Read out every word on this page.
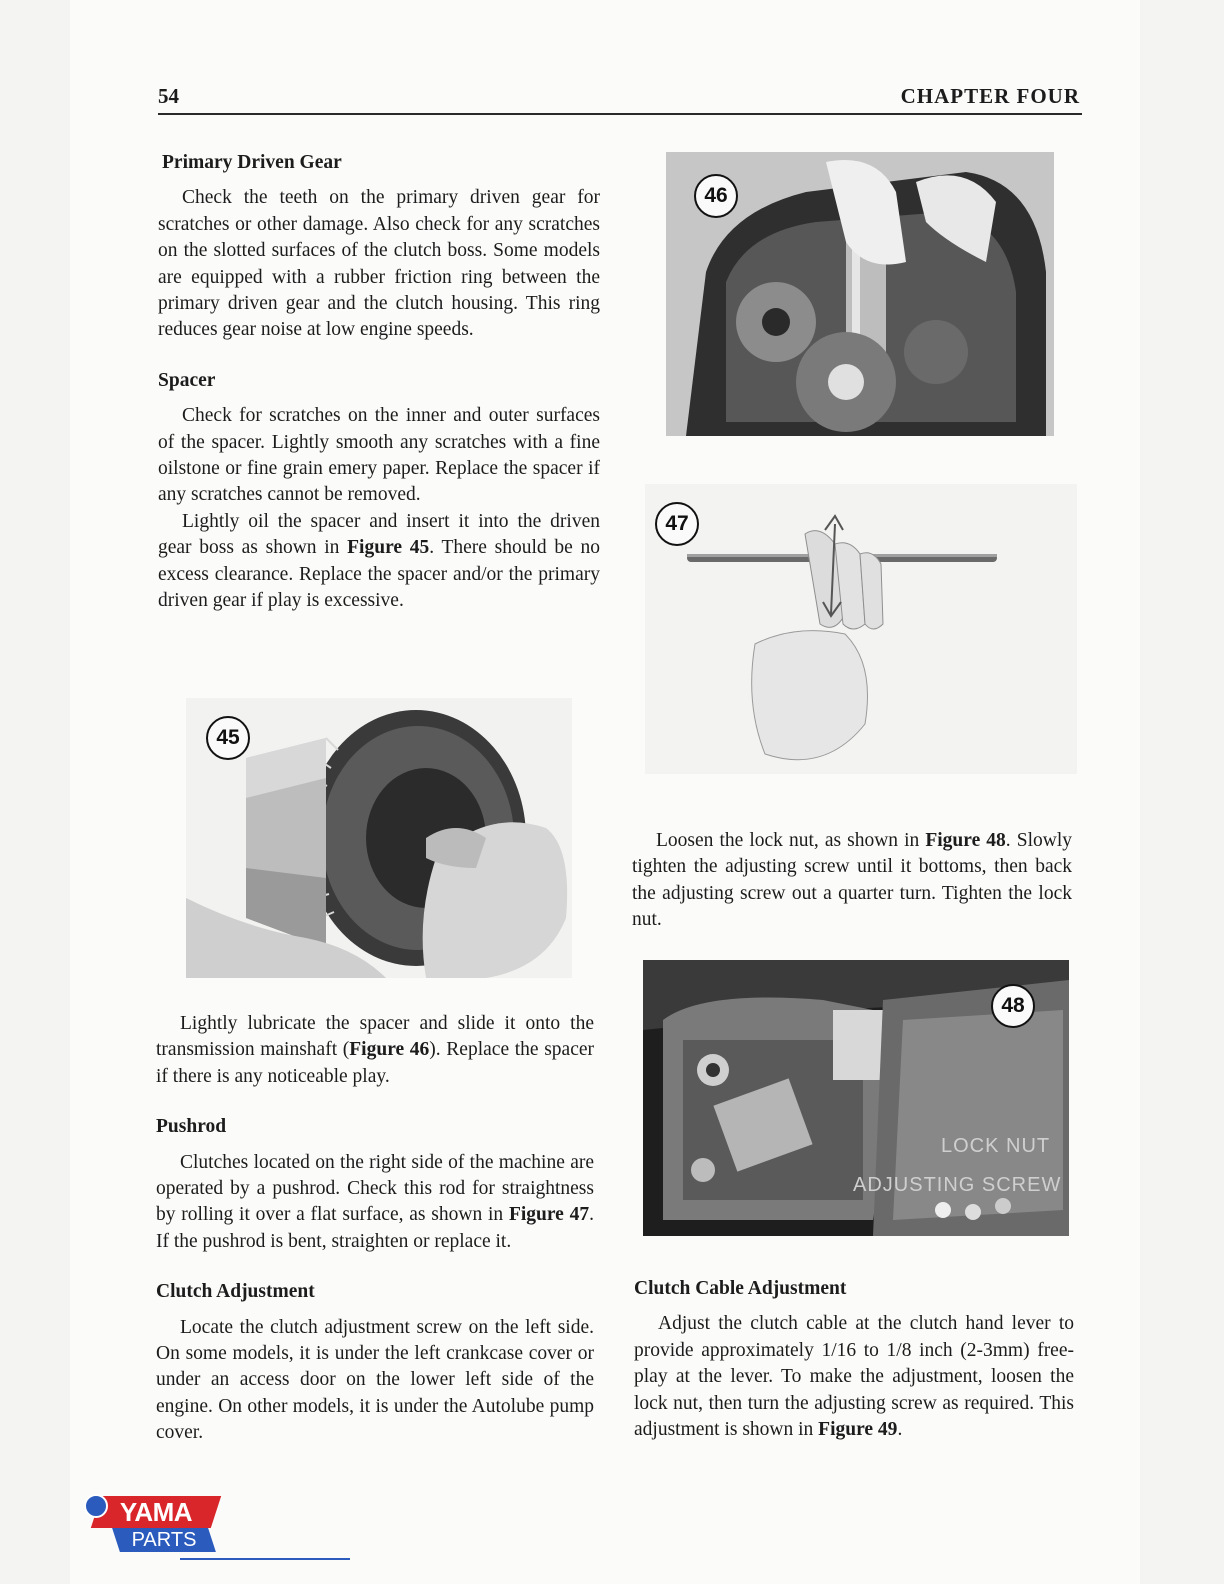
54	CHAPTER FOUR
Primary Driven Gear

Check the teeth on the primary driven gear for scratches or other damage. Also check for any scratches on the slotted surfaces of the clutch boss. Some models are equipped with a rubber friction ring between the primary driven gear and the clutch housing. This ring reduces gear noise at low engine speeds.

Spacer

Check for scratches on the inner and outer surfaces of the spacer. Lightly smooth any scratches with a fine oilstone or fine grain emery paper. Replace the spacer if any scratches cannot be removed.

Lightly oil the spacer and insert it into the driven gear boss as shown in Figure 45. There should be no excess clearance. Replace the spacer and/or the primary driven gear if play is excessive.

45

Lightly lubricate the spacer and slide it onto the transmission mainshaft (Figure 46). Replace the spacer if there is any noticeable play.

Pushrod

Clutches located on the right side of the machine are operated by a pushrod. Check this rod for straightness by rolling it over a flat surface, as shown in Figure 47. If the pushrod is bent, straighten or replace it.

Clutch Adjustment

Locate the clutch adjustment screw on the left side. On some models, it is under the left crankcase cover or under an access door on the lower left side of the engine. On other models, it is under the Autolube pump cover.

46
47

Loosen the lock nut, as shown in Figure 48. Slowly tighten the adjusting screw until it bottoms, then back the adjusting screw out a quarter turn. Tighten the lock nut.

48
LOCK NUT
ADJUSTING SCREW
Clutch Cable Adjustment

Adjust the clutch cable at the clutch hand lever to provide approximately 1/16 to 1/8 inch (2-3mm) free-play at the lever. To make the adjustment, loosen the lock nut, then turn the adjusting screw as required. This adjustment is shown in Figure 49.

YAMA
PARTS
